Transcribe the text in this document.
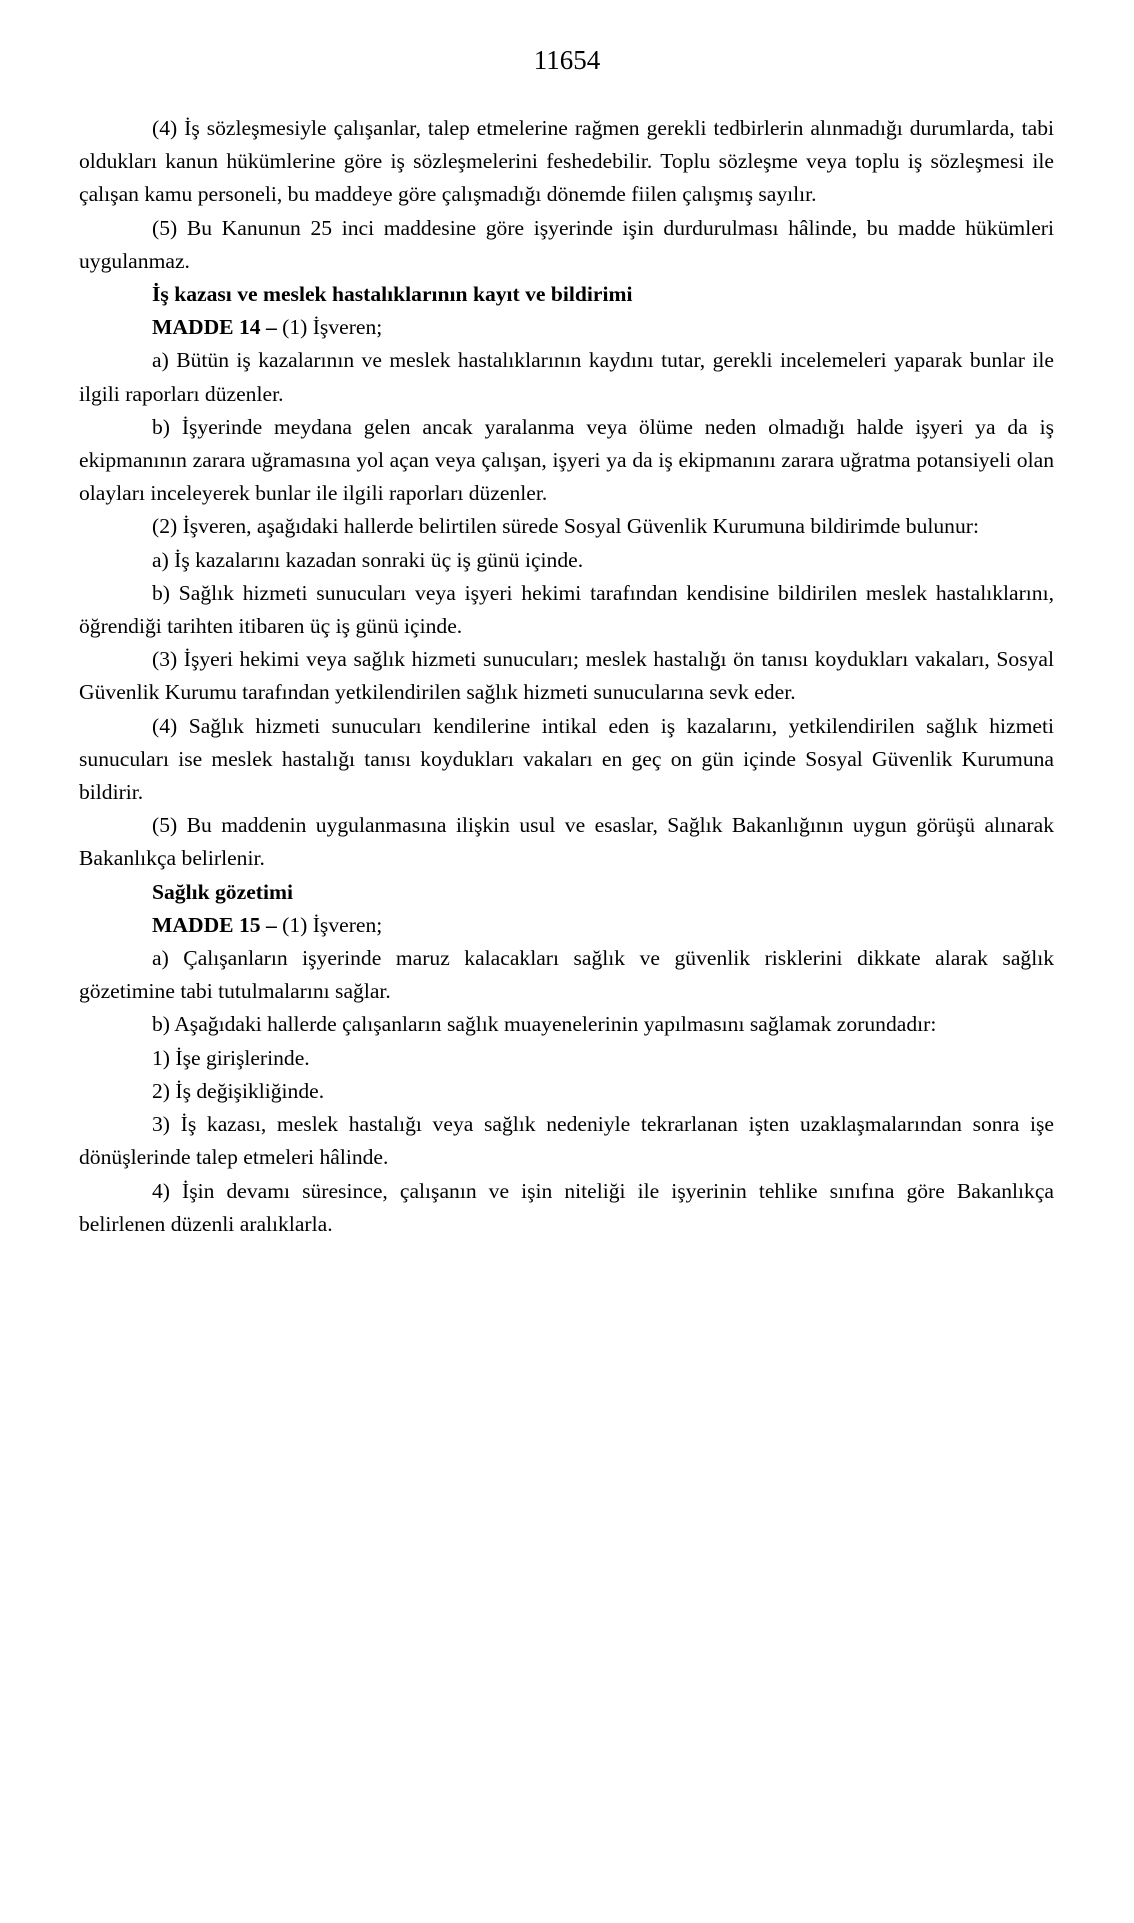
11654

(4) İş sözleşmesiyle çalışanlar, talep etmelerine rağmen gerekli tedbirlerin alınmadığı durumlarda, tabi oldukları kanun hükümlerine göre iş sözleşmelerini feshedebilir. Toplu sözleşme veya toplu iş sözleşmesi ile çalışan kamu personeli, bu maddeye göre çalışmadığı dönemde fiilen çalışmış sayılır.

(5) Bu Kanunun 25 inci maddesine göre işyerinde işin durdurulması hâlinde, bu madde hükümleri uygulanmaz.

İş kazası ve meslek hastalıklarının kayıt ve bildirimi

MADDE 14 – (1) İşveren;

a) Bütün iş kazalarının ve meslek hastalıklarının kaydını tutar, gerekli incelemeleri yaparak bunlar ile ilgili raporları düzenler.

b) İşyerinde meydana gelen ancak yaralanma veya ölüme neden olmadığı halde işyeri ya da iş ekipmanının zarara uğramasına yol açan veya çalışan, işyeri ya da iş ekipmanını zarara uğratma potansiyeli olan olayları inceleyerek bunlar ile ilgili raporları düzenler.

(2) İşveren, aşağıdaki hallerde belirtilen sürede Sosyal Güvenlik Kurumuna bildirimde bulunur:

a) İş kazalarını kazadan sonraki üç iş günü içinde.

b) Sağlık hizmeti sunucuları veya işyeri hekimi tarafından kendisine bildirilen meslek hastalıklarını, öğrendiği tarihten itibaren üç iş günü içinde.

(3) İşyeri hekimi veya sağlık hizmeti sunucuları; meslek hastalığı ön tanısı koydukları vakaları, Sosyal Güvenlik Kurumu tarafından yetkilendirilen sağlık hizmeti sunucularına sevk eder.

(4) Sağlık hizmeti sunucuları kendilerine intikal eden iş kazalarını, yetkilendirilen sağlık hizmeti sunucuları ise meslek hastalığı tanısı koydukları vakaları en geç on gün içinde Sosyal Güvenlik Kurumuna bildirir.

(5) Bu maddenin uygulanmasına ilişkin usul ve esaslar, Sağlık Bakanlığının uygun görüşü alınarak Bakanlıkça belirlenir.

Sağlık gözetimi

MADDE 15 – (1) İşveren;

a) Çalışanların işyerinde maruz kalacakları sağlık ve güvenlik risklerini dikkate alarak sağlık gözetimine tabi tutulmalarını sağlar.

b) Aşağıdaki hallerde çalışanların sağlık muayenelerinin yapılmasını sağlamak zorundadır:

1) İşe girişlerinde.

2) İş değişikliğinde.

3) İş kazası, meslek hastalığı veya sağlık nedeniyle tekrarlanan işten uzaklaşmalarından sonra işe dönüşlerinde talep etmeleri hâlinde.

4) İşin devamı süresince, çalışanın ve işin niteliği ile işyerinin tehlike sınıfına göre Bakanlıkça belirlenen düzenli aralıklarla.
